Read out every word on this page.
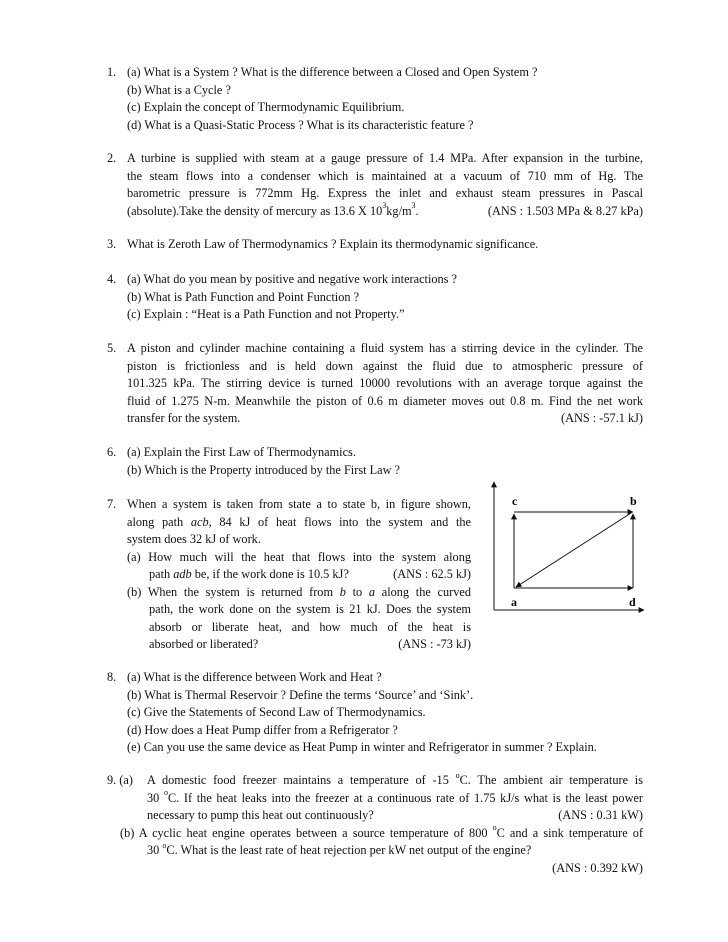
1. (a) What is a System ? What is the difference between a Closed and Open System ?
(b) What is a Cycle ?
(c) Explain the concept of Thermodynamic Equilibrium.
(d) What is a Quasi-Static Process ? What is its characteristic feature ?
2. A turbine is supplied with steam at a gauge pressure of 1.4 MPa. After expansion in the turbine,
the steam flows into a condenser which is maintained at a vacuum of 710 mm of Hg. The
barometric pressure is 772mm Hg. Express the inlet and exhaust steam pressures in Pascal
(absolute).Take the density of mercury as 13.6 X $10^3kg/m^3$.	(ANS : 1.503 MPa & 8.27 kPa)
3. What is Zeroth Law of Thermodynamics ? Explain its thermodynamic significance.
4. (a) What do you mean by positive and negative work interactions ?
(b) What is Path Function and Point Function ?
(c) Explain : “Heat is a Path Function and not Property.”
5. A piston and cylinder machine containing a fluid system has a stirring device in the cylinder. The
piston is frictionless and is held down against the fluid due to atmospheric pressure of
101.325 kPa. The stirring device is turned 10000 revolutions with an average torque against the
fluid of 1.275 N-m. Meanwhile the piston of 0.6 m diameter moves out 0.8 m. Find the net work
transfer for the system.	(ANS : -57.1 kJ)
6. (a) Explain the First Law of Thermodynamics.
(b) Which is the Property introduced by the First Law ?
7. When a system is taken from state a to state b, in figure shown,
along path acb, 84 kJ of heat flows into the system and the
system does 32 kJ of work.
(a) How much will the heat that flows into the system along
path adb be, if the work done is 10.5 kJ?	(ANS : 62.5 kJ)
(b) When the system is returned from b to a along the curved
path, the work done on the system is 21 kJ. Does the system
absorb or liberate heat, and how much of the heat is
absorbed or liberated?	(ANS : -73 kJ)
c	b
a	d
8. (a) What is the difference between Work and Heat ?
(b) What is Thermal Reservoir ? Define the terms ‘Source’ and ‘Sink’.
(c) Give the Statements of Second Law of Thermodynamics.
(d) How does a Heat Pump differ from a Refrigerator ?
(e) Can you use the same device as Heat Pump in winter and Refrigerator in summer ? Explain.
9. (a)	A domestic food freezer maintains a temperature of -15 $^o$C. The ambient air temperature is
30 $^o$C. If the heat leaks into the freezer at a continuous rate of 1.75 kJ/s what is the least power
necessary to pump this heat out continuously?	(ANS : 0.31 kW)
(b) A cyclic heat engine operates between a source temperature of 800 $^o$C and a sink temperature of
30 $^o$C. What is the least rate of heat rejection per kW net output of the engine?
(ANS : 0.392 kW)
